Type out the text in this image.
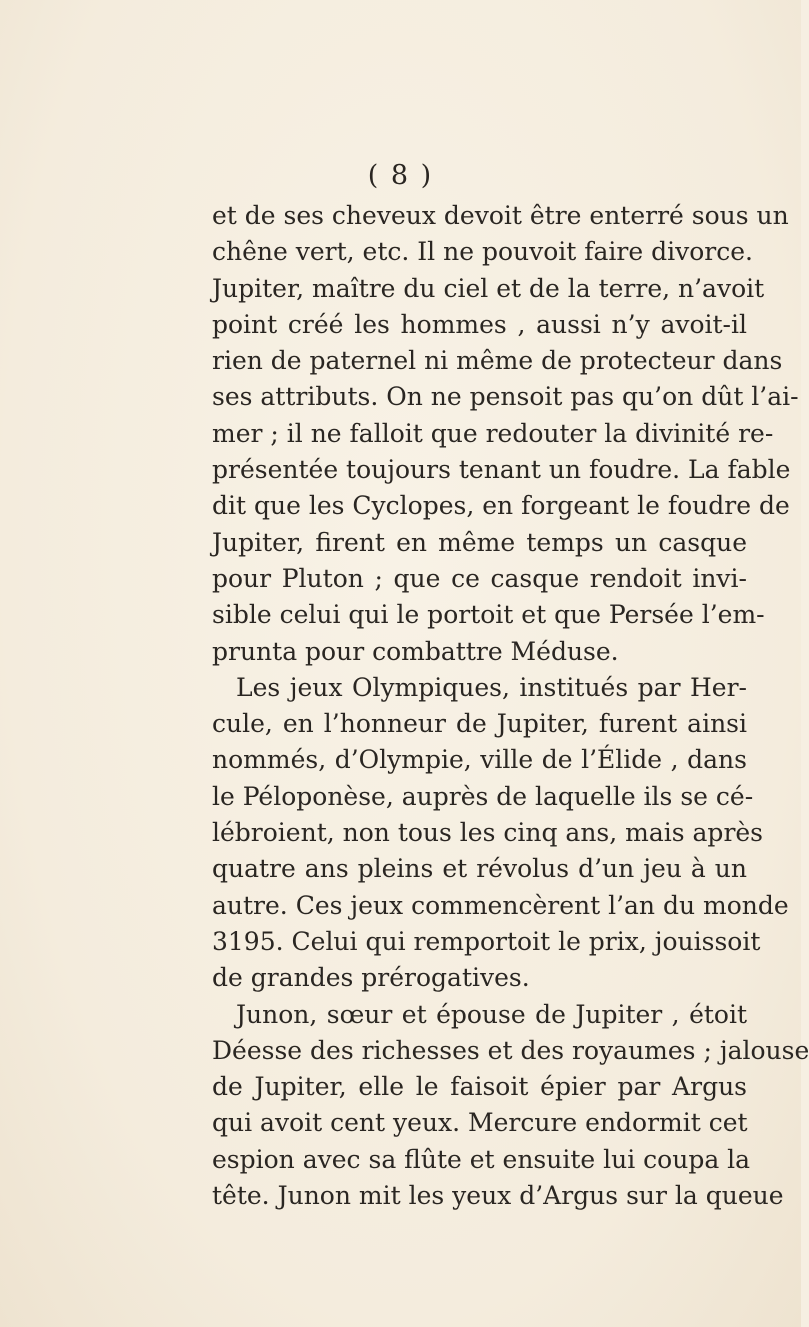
( 8 )
et de ses cheveux devoit être enterré sous un
chêne vert, etc. Il ne pouvoit faire divorce.
Jupiter, maître du ciel et de la terre, n’avoit
point créé les hommes , aussi n’y avoit-il
rien de paternel ni même de protecteur dans
ses attributs. On ne pensoit pas qu’on dût l’ai-
mer ; il ne falloit que redouter la divinité re-
présentée toujours tenant un foudre. La fable
dit que les Cyclopes, en forgeant le foudre de
Jupiter, firent en même temps un casque
pour Pluton ; que ce casque rendoit invi-
sible celui qui le portoit et que Persée l’em-
prunta pour combattre Méduse.
Les jeux Olympiques, institués par Her-
cule, en l’honneur de Jupiter, furent ainsi
nommés, d’Olympie, ville de l’Élide , dans
le Péloponèse, auprès de laquelle ils se cé-
lébroient, non tous les cinq ans, mais après
quatre ans pleins et révolus d’un jeu à un
autre. Ces jeux commencèrent l’an du monde
3195. Celui qui remportoit le prix, jouissoit
de grandes prérogatives.
Junon, sœur et épouse de Jupiter , étoit
Déesse des richesses et des royaumes ; jalouse
de Jupiter, elle le faisoit épier par Argus
qui avoit cent yeux. Mercure endormit cet
espion avec sa flûte et ensuite lui coupa la
tête. Junon mit les yeux d’Argus sur la queue
